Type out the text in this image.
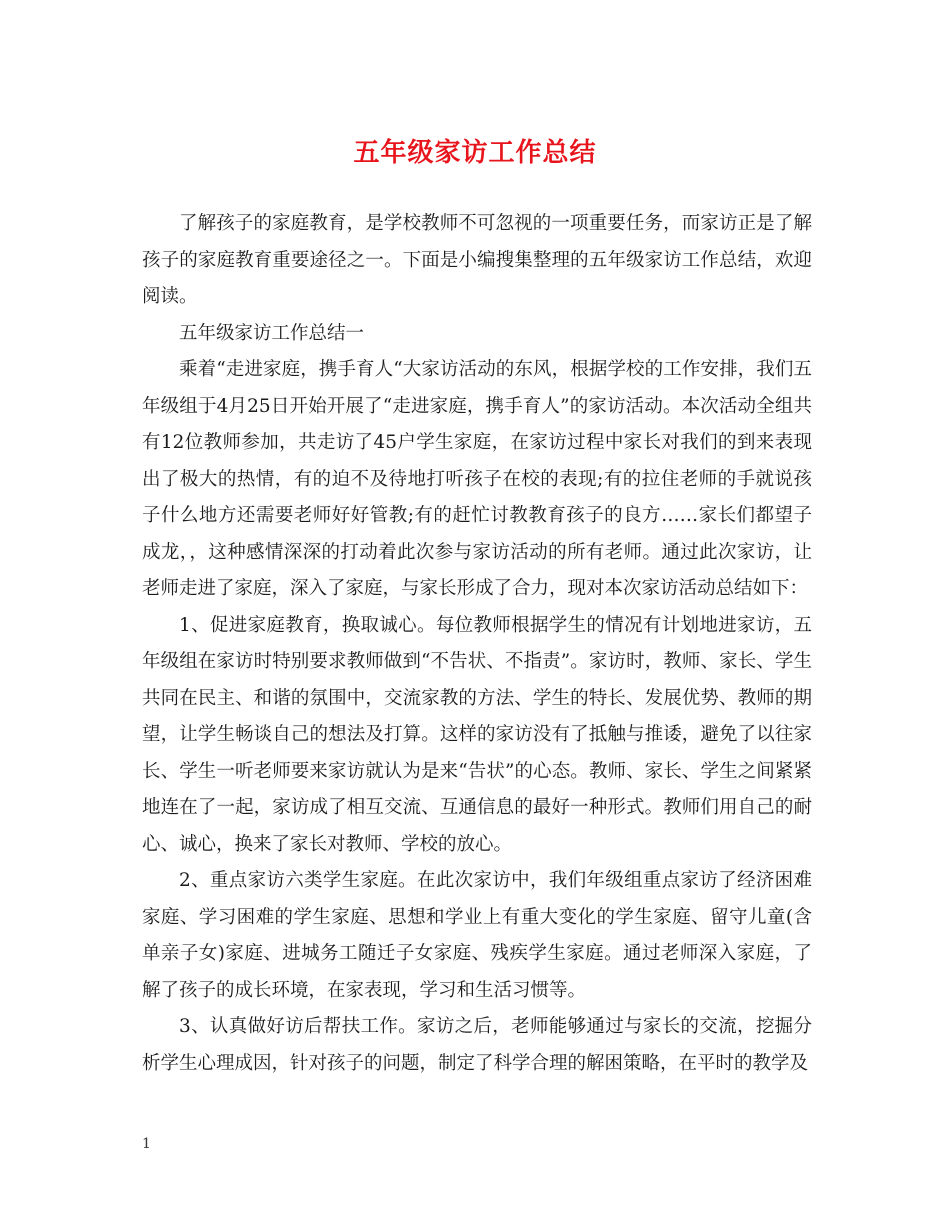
五年级家访工作总结

了解孩子的家庭教育，是学校教师不可忽视的一项重要任务，而家访正是了解孩子的家庭教育重要途径之一。下面是小编搜集整理的五年级家访工作总结，欢迎阅读。

五年级家访工作总结一

乘着“走进家庭，携手育人“大家访活动的东风，根据学校的工作安排，我们五年级组于4月25日开始开展了“走进家庭，携手育人”的家访活动。本次活动全组共有12位教师参加，共走访了45户学生家庭，在家访过程中家长对我们的到来表现出了极大的热情，有的迫不及待地打听孩子在校的表现;有的拉住老师的手就说孩子什么地方还需要老师好好管教;有的赶忙讨教教育孩子的良方……家长们都望子成龙，，这种感情深深的打动着此次参与家访活动的所有老师。通过此次家访，让老师走进了家庭，深入了家庭，与家长形成了合力，现对本次家访活动总结如下：

1、促进家庭教育，换取诚心。每位教师根据学生的情况有计划地进家访，五年级组在家访时特别要求教师做到“不告状、不指责”。家访时，教师、家长、学生共同在民主、和谐的氛围中，交流家教的方法、学生的特长、发展优势、教师的期望，让学生畅谈自己的想法及打算。这样的家访没有了抵触与推诿，避免了以往家长、学生一听老师要来家访就认为是来“告状”的心态。教师、家长、学生之间紧紧地连在了一起，家访成了相互交流、互通信息的最好一种形式。教师们用自己的耐心、诚心，换来了家长对教师、学校的放心。

2、重点家访六类学生家庭。在此次家访中，我们年级组重点家访了经济困难家庭、学习困难的学生家庭、思想和学业上有重大变化的学生家庭、留守儿童(含单亲子女)家庭、进城务工随迁子女家庭、残疾学生家庭。通过老师深入家庭，了解了孩子的成长环境，在家表现，学习和生活习惯等。

3、认真做好访后帮扶工作。家访之后，老师能够通过与家长的交流，挖掘分析学生心理成因，针对孩子的问题，制定了科学合理的解困策略，在平时的教学及

1
